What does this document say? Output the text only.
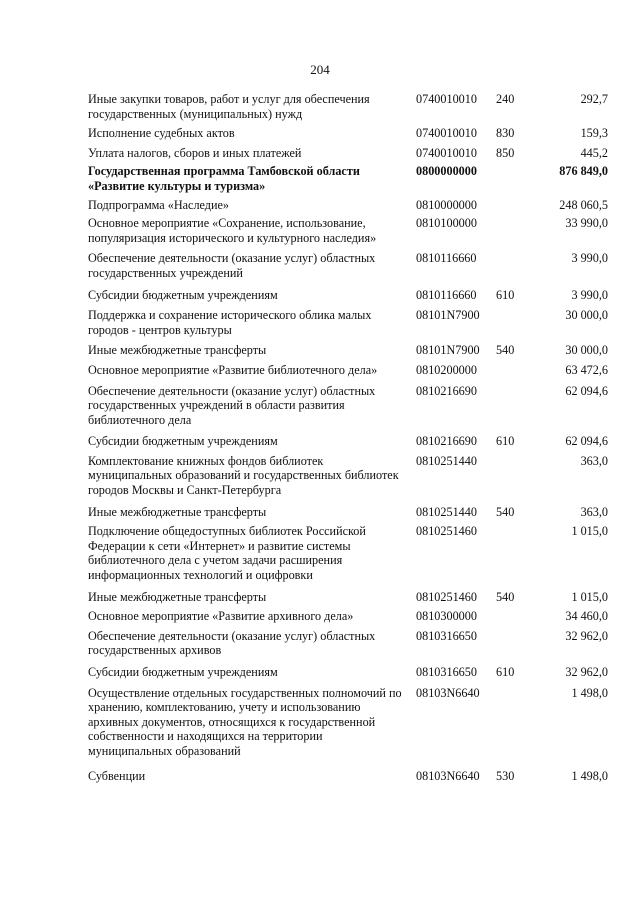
204
Иные закупки товаров, работ и услуг для обеспечения государственных (муниципальных) нужд	0740010010	240	292,7
Исполнение судебных актов	0740010010	830	159,3
Уплата налогов, сборов и иных платежей	0740010010	850	445,2
Государственная программа Тамбовской области «Развитие культуры и туризма»	0800000000		876 849,0
Подпрограмма «Наследие»	0810000000		248 060,5
Основное мероприятие «Сохранение, использование, популяризация исторического и культурного наследия»	0810100000		33 990,0
Обеспечение деятельности (оказание услуг) областных государственных учреждений	0810116660		3 990,0
Субсидии бюджетным учреждениям	0810116660	610	3 990,0
Поддержка и сохранение исторического облика малых городов - центров культуры	08101N7900		30 000,0
Иные межбюджетные трансферты	08101N7900	540	30 000,0
Основное мероприятие «Развитие библиотечного дела»	0810200000		63 472,6
Обеспечение деятельности (оказание услуг) областных государственных учреждений в области развития библиотечного дела	0810216690		62 094,6
Субсидии бюджетным учреждениям	0810216690	610	62 094,6
Комплектование книжных фондов библиотек муниципальных образований и государственных библиотек городов Москвы и Санкт-Петербурга	0810251440		363,0
Иные межбюджетные трансферты	0810251440	540	363,0
Подключение общедоступных библиотек Российской Федерации к сети «Интернет» и развитие системы библиотечного дела с учетом задачи расширения информационных технологий и оцифровки	0810251460		1 015,0
Иные межбюджетные трансферты	0810251460	540	1 015,0
Основное мероприятие «Развитие архивного дела»	0810300000		34 460,0
Обеспечение деятельности (оказание услуг) областных государственных архивов	0810316650		32 962,0
Субсидии бюджетным учреждениям	0810316650	610	32 962,0
Осуществление отдельных государственных полномочий по хранению, комплектованию, учету и использованию архивных документов, относящихся к государственной собственности и находящихся на территории муниципальных образований	08103N6640		1 498,0
Субвенции	08103N6640	530	1 498,0
